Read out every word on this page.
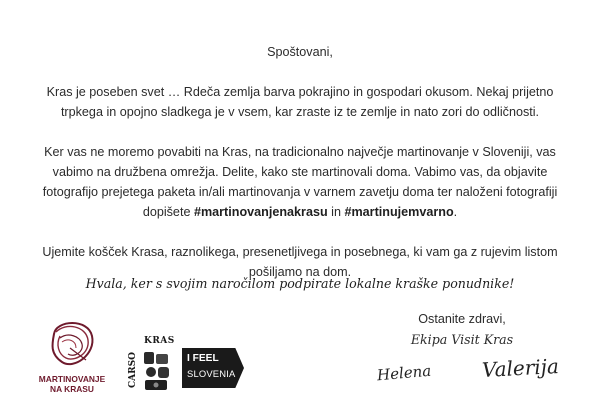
Spoštovani,
Kras je poseben svet … Rdeča zemlja barva pokrajino in gospodari okusom. Nekaj prijetno
trpkega in opojno sladkega je v vsem, kar zraste iz te zemlje in nato zori do odličnosti.
Ker vas ne moremo povabiti na Kras, na tradicionalno največje martinovanje v Sloveniji, vas
vabimo na družbena omrežja. Delite, kako ste martinovali doma. Vabimo vas, da objavite
fotografijo prejetega paketa in/ali martinovanja v varnem zavetju doma ter naloženi fotografiji
dopišete #martinovanjenakrasu in #martinujemvarno.
Ujemite košček Krasa, raznolikega, presenetljivega in posebnega, ki vam ga z rujevim listom
pošiljamo na dom.
Hvala, ker s svojim naročilom podpirate lokalne kraške ponudnike!
Ostanite zdravi,
Ekipa Visit Kras
Helena Valerija
MARTINOVANJE
NA KRASU
KRAS
CARSO	I FEEL
SLOVENIA
